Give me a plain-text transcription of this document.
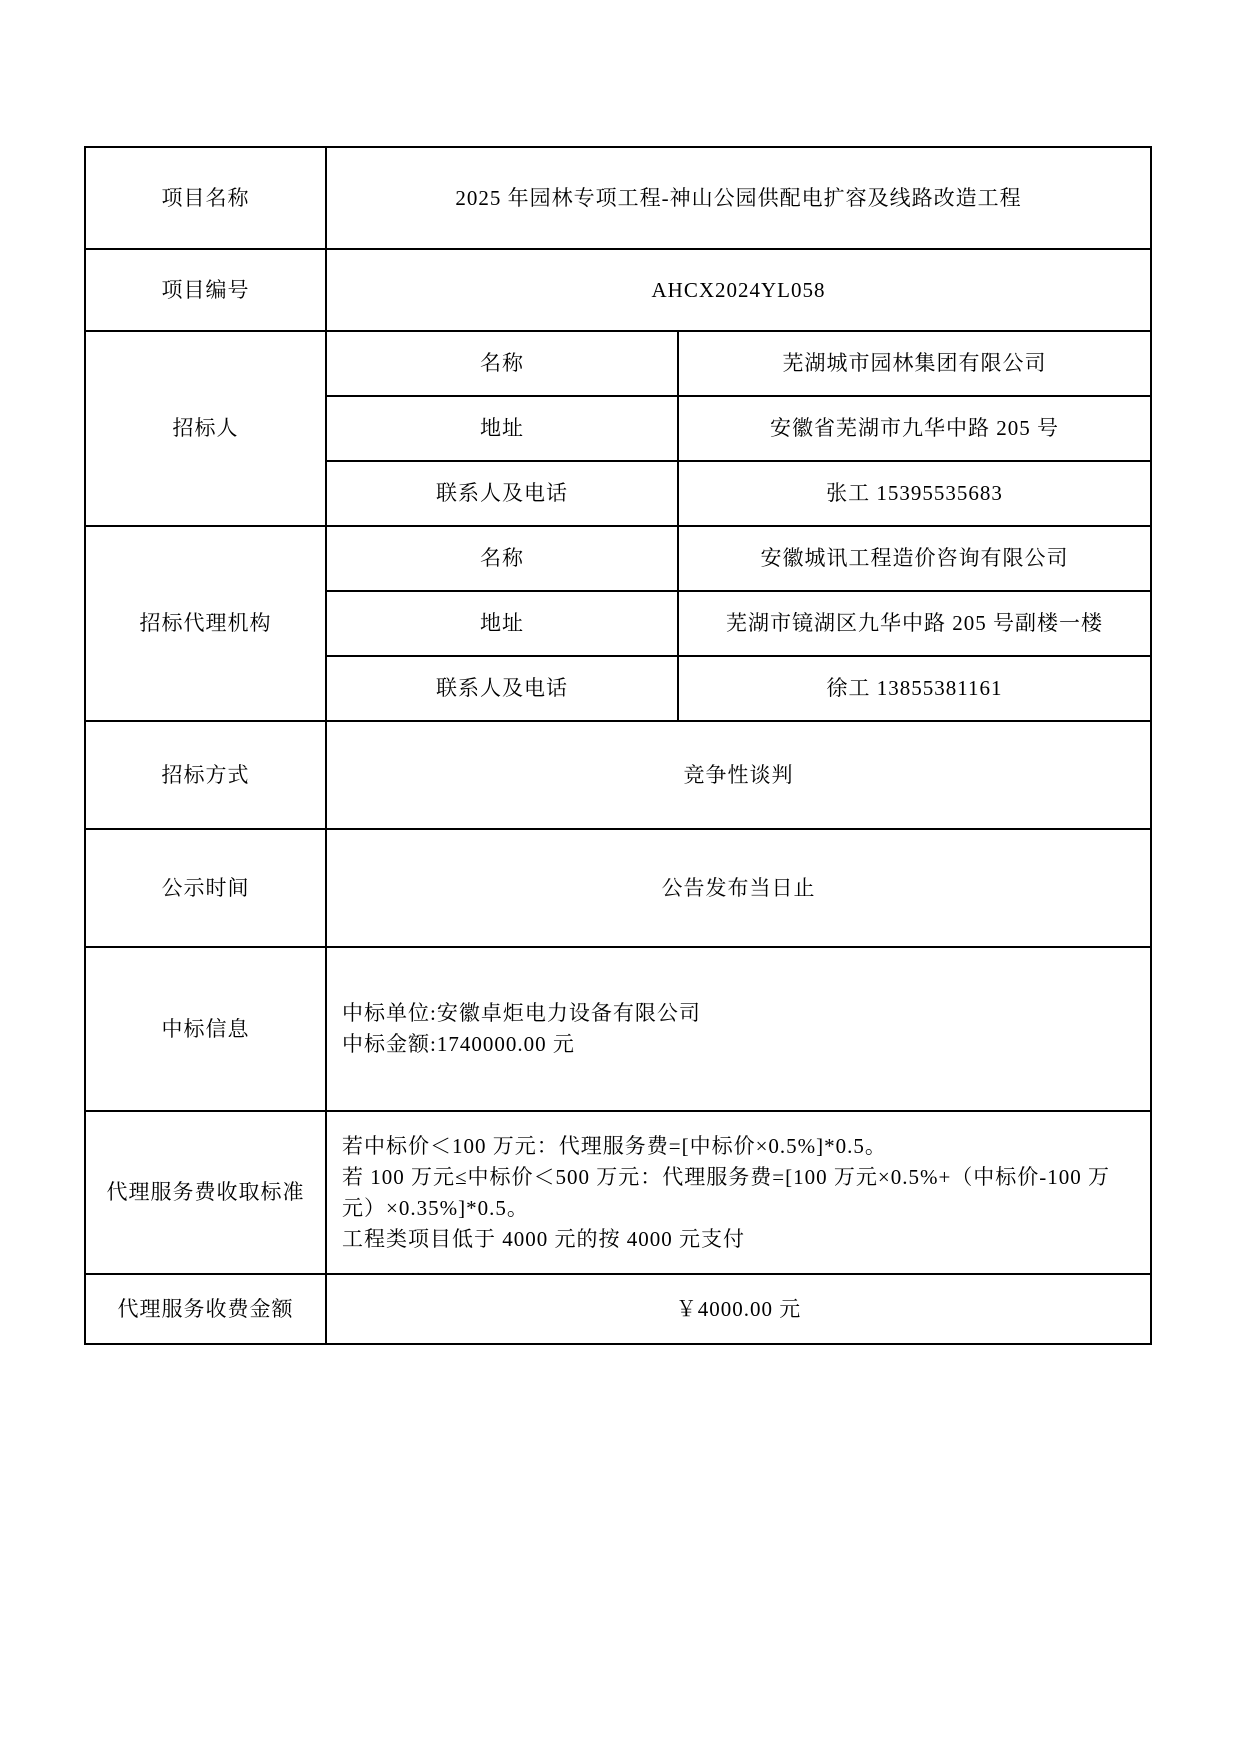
项目名称	2025 年园林专项工程-神山公园供配电扩容及线路改造工程	
项目编号	AHCX2024YL058	
招标人	名称	芜湖城市园林集团有限公司
	地址	安徽省芜湖市九华中路 205 号
	联系人及电话	张工 15395535683
招标代理机构	名称	安徽城讯工程造价咨询有限公司
	地址	芜湖市镜湖区九华中路 205 号副楼一楼
	联系人及电话	徐工 13855381161
招标方式	竞争性谈判	
公示时间	公告发布当日止	
中标信息	中标单位:安徽卓炬电力设备有限公司
中标金额:1740000.00 元	

代理服务费收取标准	若中标价＜100 万元：代理服务费=[中标价×0.5%]*0.5。
若 100 万元≤中标价＜500 万元：代理服务费=[100 万元×0.5%+（中标价-100 万元）×0.35%]*0.5。
工程类项目低于 4000 元的按 4000 元支付	

代理服务收费金额	￥4000.00 元	
